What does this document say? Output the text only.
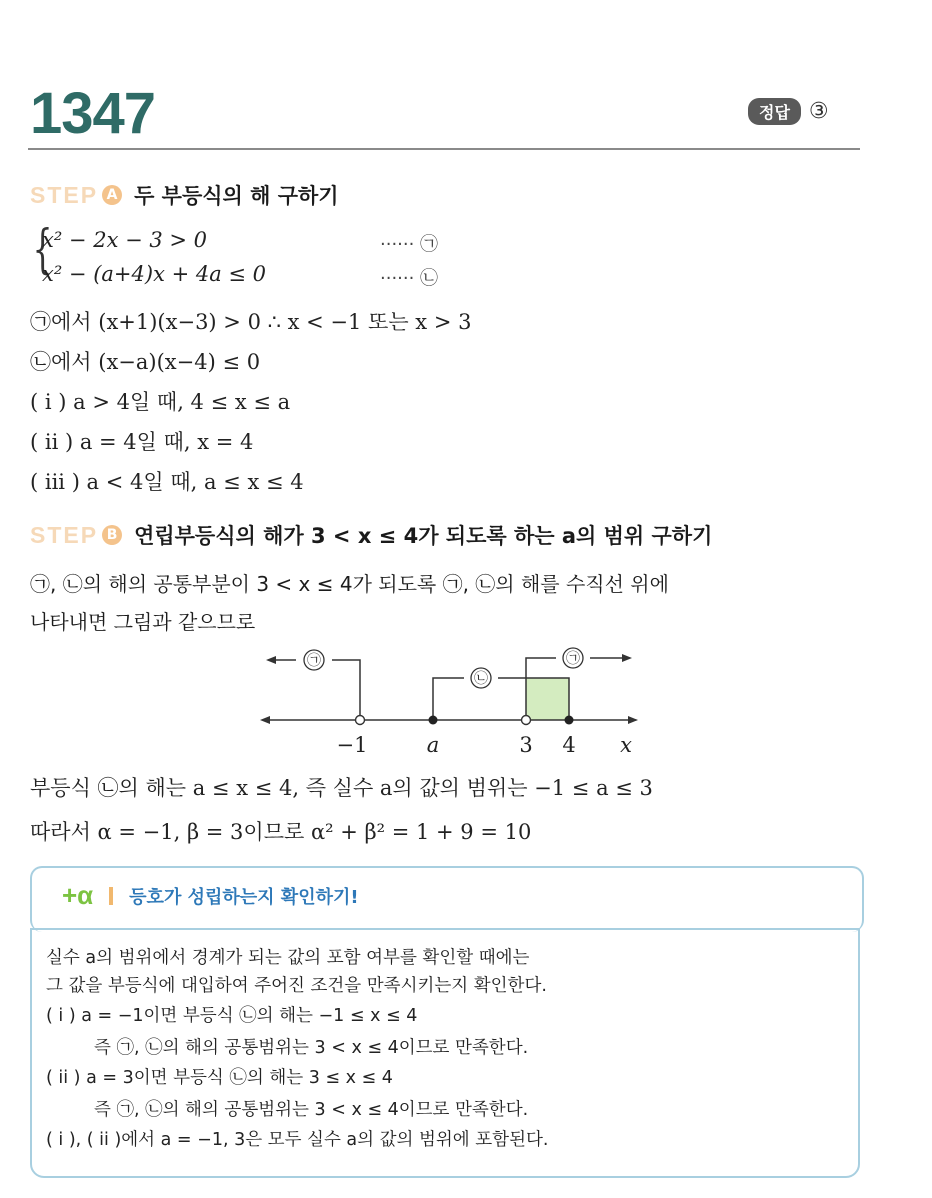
1347	정답 ③
STEP A 두 부등식의 해 구하기
{
x² − 2x − 3 > 0	······ ㉠
x² − (a+4)x + 4a ≤ 0	······ ㉡
㉠에서 (x+1)(x−3) > 0 ∴ x < −1 또는 x > 3
㉡에서 (x−a)(x−4) ≤ 0
( i ) a > 4일 때, 4 ≤ x ≤ a
( ii ) a = 4일 때, x = 4
( iii ) a < 4일 때, a ≤ x ≤ 4
STEP B 연립부등식의 해가 3 < x ≤ 4가 되도록 하는 a의 범위 구하기
㉠, ㉡의 해의 공통부분이 3 < x ≤ 4가 되도록 ㉠, ㉡의 해를 수직선 위에
나타내면 그림과 같으므로
㉠
㉡
㉠
−1	a	3 4 x
부등식 ㉡의 해는 a ≤ x ≤ 4, 즉 실수 a의 값의 범위는 −1 ≤ a ≤ 3
따라서 α = −1, β = 3이므로 α² + β² = 1 + 9 = 10
+α 등호가 성립하는지 확인하기!
실수 a의 범위에서 경계가 되는 값의 포함 여부를 확인할 때에는
그 값을 부등식에 대입하여 주어진 조건을 만족시키는지 확인한다.
( i ) a = −1이면 부등식 ㉡의 해는 −1 ≤ x ≤ 4
즉 ㉠, ㉡의 해의 공통범위는 3 < x ≤ 4이므로 만족한다.
( ii ) a = 3이면 부등식 ㉡의 해는 3 ≤ x ≤ 4
즉 ㉠, ㉡의 해의 공통범위는 3 < x ≤ 4이므로 만족한다.
( i ), ( ii )에서 a = −1, 3은 모두 실수 a의 값의 범위에 포함된다.
